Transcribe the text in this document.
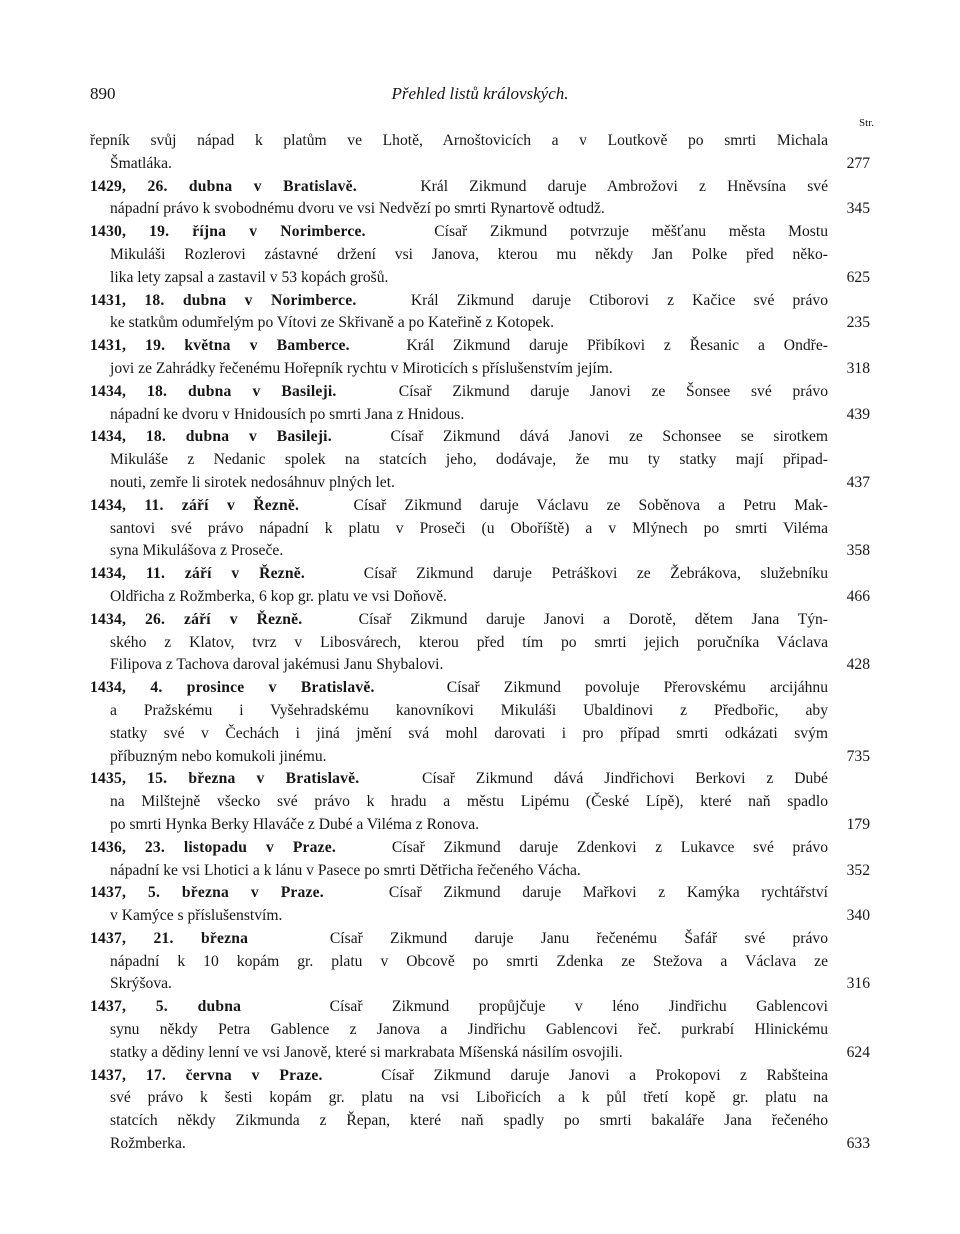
890	Přehled listů královských.
Str.
řepník svůj nápad k platům ve Lhotě, Arnoštovicích a v Loutkově po smrti Michala
Šmatláka.	277
1429, 26. dubna v Bratislavě.	Král Zikmund daruje Ambrožovi z Hněvsína své
nápadní právo k svobodnému dvoru ve vsi Nedvězí po smrti Rynartově odtudž.	345
1430, 19. října v Norimberce.	Císař Zikmund potvrzuje měšťanu města Mostu
Mikuláši Rozlerovi zástavné držení vsi Janova, kterou mu někdy Jan Polke před něko-
lika lety zapsal a zastavil v 53 kopách grošů.	625
1431, 18. dubna v Norimberce.	Král Zikmund daruje Ctiborovi z Kačice své právo
ke statkům odumřelým po Vítovi ze Skřivaně a po Kateřině z Kotopek.	235
1431, 19. května v Bamberce.	Král Zikmund daruje Přibíkovi z Řesanic a Ondře-
jovi ze Zahrádky řečenému Hořepník rychtu v Miroticích s příslušenstvím jejím.	318
1434, 18. dubna v Basileji.	Císař Zikmund daruje Janovi ze Šonsee své právo
nápadní ke dvoru v Hnidousích po smrti Jana z Hnidous.	439
1434, 18. dubna v Basileji.	Císař Zikmund dává Janovi ze Schonsee se sirotkem
Mikuláše z Nedanic spolek na statcích jeho, dodávaje, že mu ty statky mají připad-
nouti, zemře li sirotek nedosáhnuv plných let.	437
1434, 11. září v Řezně.	Císař Zikmund daruje Václavu ze Soběnova a Petru Mak-
santovi své právo nápadní k platu v Proseči (u Oboříště) a v Mlýnech po smrti Viléma
syna Mikulášova z Proseče.	358
1434, 11. září v Řezně.	Císař Zikmund daruje Petráškovi ze Žebrákova, služebníku
Oldřicha z Rožmberka, 6 kop gr. platu ve vsi Doňově.	466
1434, 26. září v Řezně.	Císař Zikmund daruje Janovi a Dorotě, dětem Jana Týn-
ského z Klatov, tvrz v Libosvárech, kterou před tím po smrti jejich poručníka Václava
Filipova z Tachova daroval jakémusi Janu Shybalovi.	428
1434, 4. prosince v Bratislavě.	Císař Zikmund povoluje Přerovskému arcijáhnu
a Pražskému i Vyšehradskému kanovníkovi Mikuláši Ubaldinovi z Předbořic, aby
statky své v Čechách i jiná jmění svá mohl darovati i pro případ smrti odkázati svým
příbuzným nebo komukoli jinému.	735
1435, 15. března v Bratislavě.	Císař Zikmund dává Jindřichovi Berkovi z Dubé
na Milštejně všecko své právo k hradu a městu Lipému (České Lípě), které naň spadlo
po smrti Hynka Berky Hlaváče z Dubé a Viléma z Ronova.	179
1436, 23. listopadu v Praze.	Císař Zikmund daruje Zdenkovi z Lukavce své právo
nápadní ke vsi Lhotici a k lánu v Pasece po smrti Dětřicha řečeného Vácha.	352
1437, 5. března v Praze.	Císař Zikmund daruje Mařkovi z Kamýka rychtářství
v Kamýce s příslušenstvím.	340
1437, 21. března	Císař Zikmund daruje Janu řečenému Šafář své právo
nápadní k 10 kopám gr. platu v Obcově po smrti Zdenka ze Stežova a Václava ze
Skrýšova.	316
1437, 5. dubna	Císař Zikmund propůjčuje v léno Jindřichu Gablencovi
synu někdy Petra Gablence z Janova a Jindřichu Gablencovi řeč. purkrabí Hlinickému
statky a dědiny lenní ve vsi Janově, které si markrabata Míšenská násilím osvojili.	624
1437, 17. června v Praze.	Císař Zikmund daruje Janovi a Prokopovi z Rabšteina
své právo k šesti kopám gr. platu na vsi Libořicích a k půl třetí kopě gr. platu na
statcích někdy Zikmunda z Řepan, které naň spadly po smrti bakaláře Jana řečeného
Rožmberka.	633
